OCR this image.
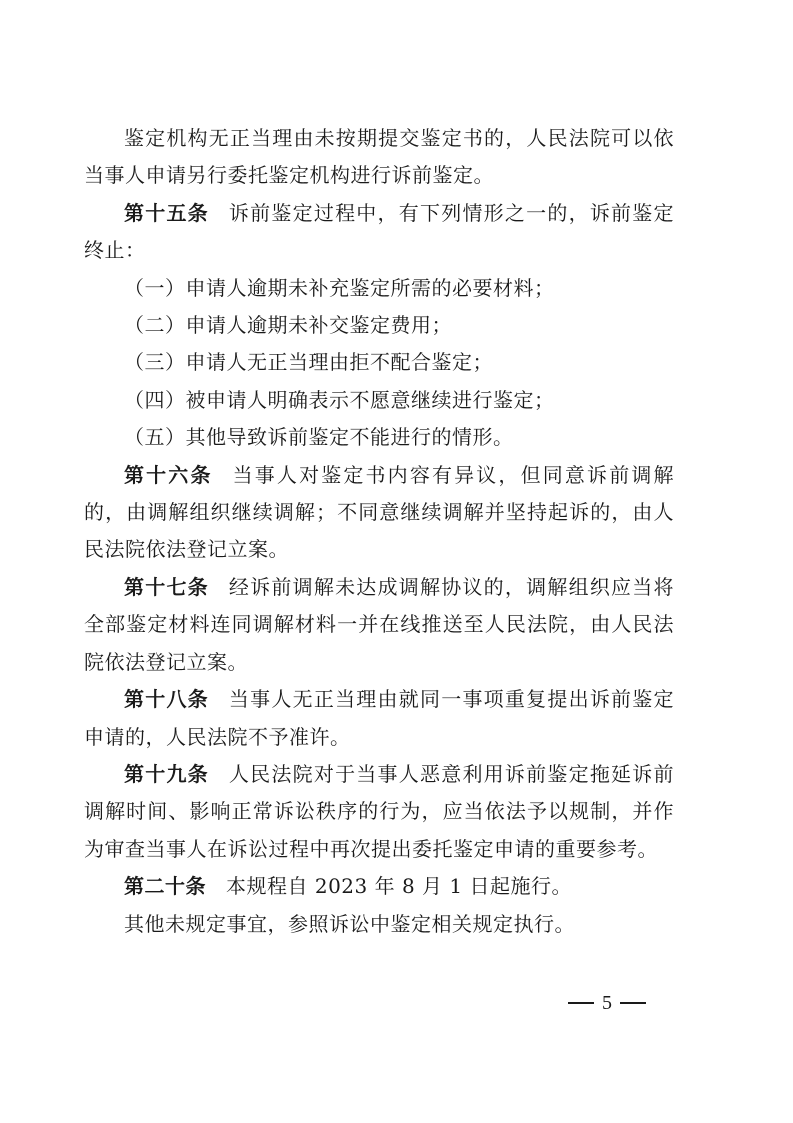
鉴定机构无正当理由未按期提交鉴定书的，人民法院可以依当事人申请另行委托鉴定机构进行诉前鉴定。

第十五条 诉前鉴定过程中，有下列情形之一的，诉前鉴定终止：

（一）申请人逾期未补充鉴定所需的必要材料；

（二）申请人逾期未补交鉴定费用；

（三）申请人无正当理由拒不配合鉴定；

（四）被申请人明确表示不愿意继续进行鉴定；

（五）其他导致诉前鉴定不能进行的情形。

第十六条 当事人对鉴定书内容有异议，但同意诉前调解的，由调解组织继续调解；不同意继续调解并坚持起诉的，由人民法院依法登记立案。

第十七条 经诉前调解未达成调解协议的，调解组织应当将全部鉴定材料连同调解材料一并在线推送至人民法院，由人民法院依法登记立案。

第十八条 当事人无正当理由就同一事项重复提出诉前鉴定申请的，人民法院不予准许。

第十九条 人民法院对于当事人恶意利用诉前鉴定拖延诉前调解时间、影响正常诉讼秩序的行为，应当依法予以规制，并作为审查当事人在诉讼过程中再次提出委托鉴定申请的重要参考。

第二十条 本规程自 2023 年 8 月 1 日起施行。

其他未规定事宜，参照诉讼中鉴定相关规定执行。

5
